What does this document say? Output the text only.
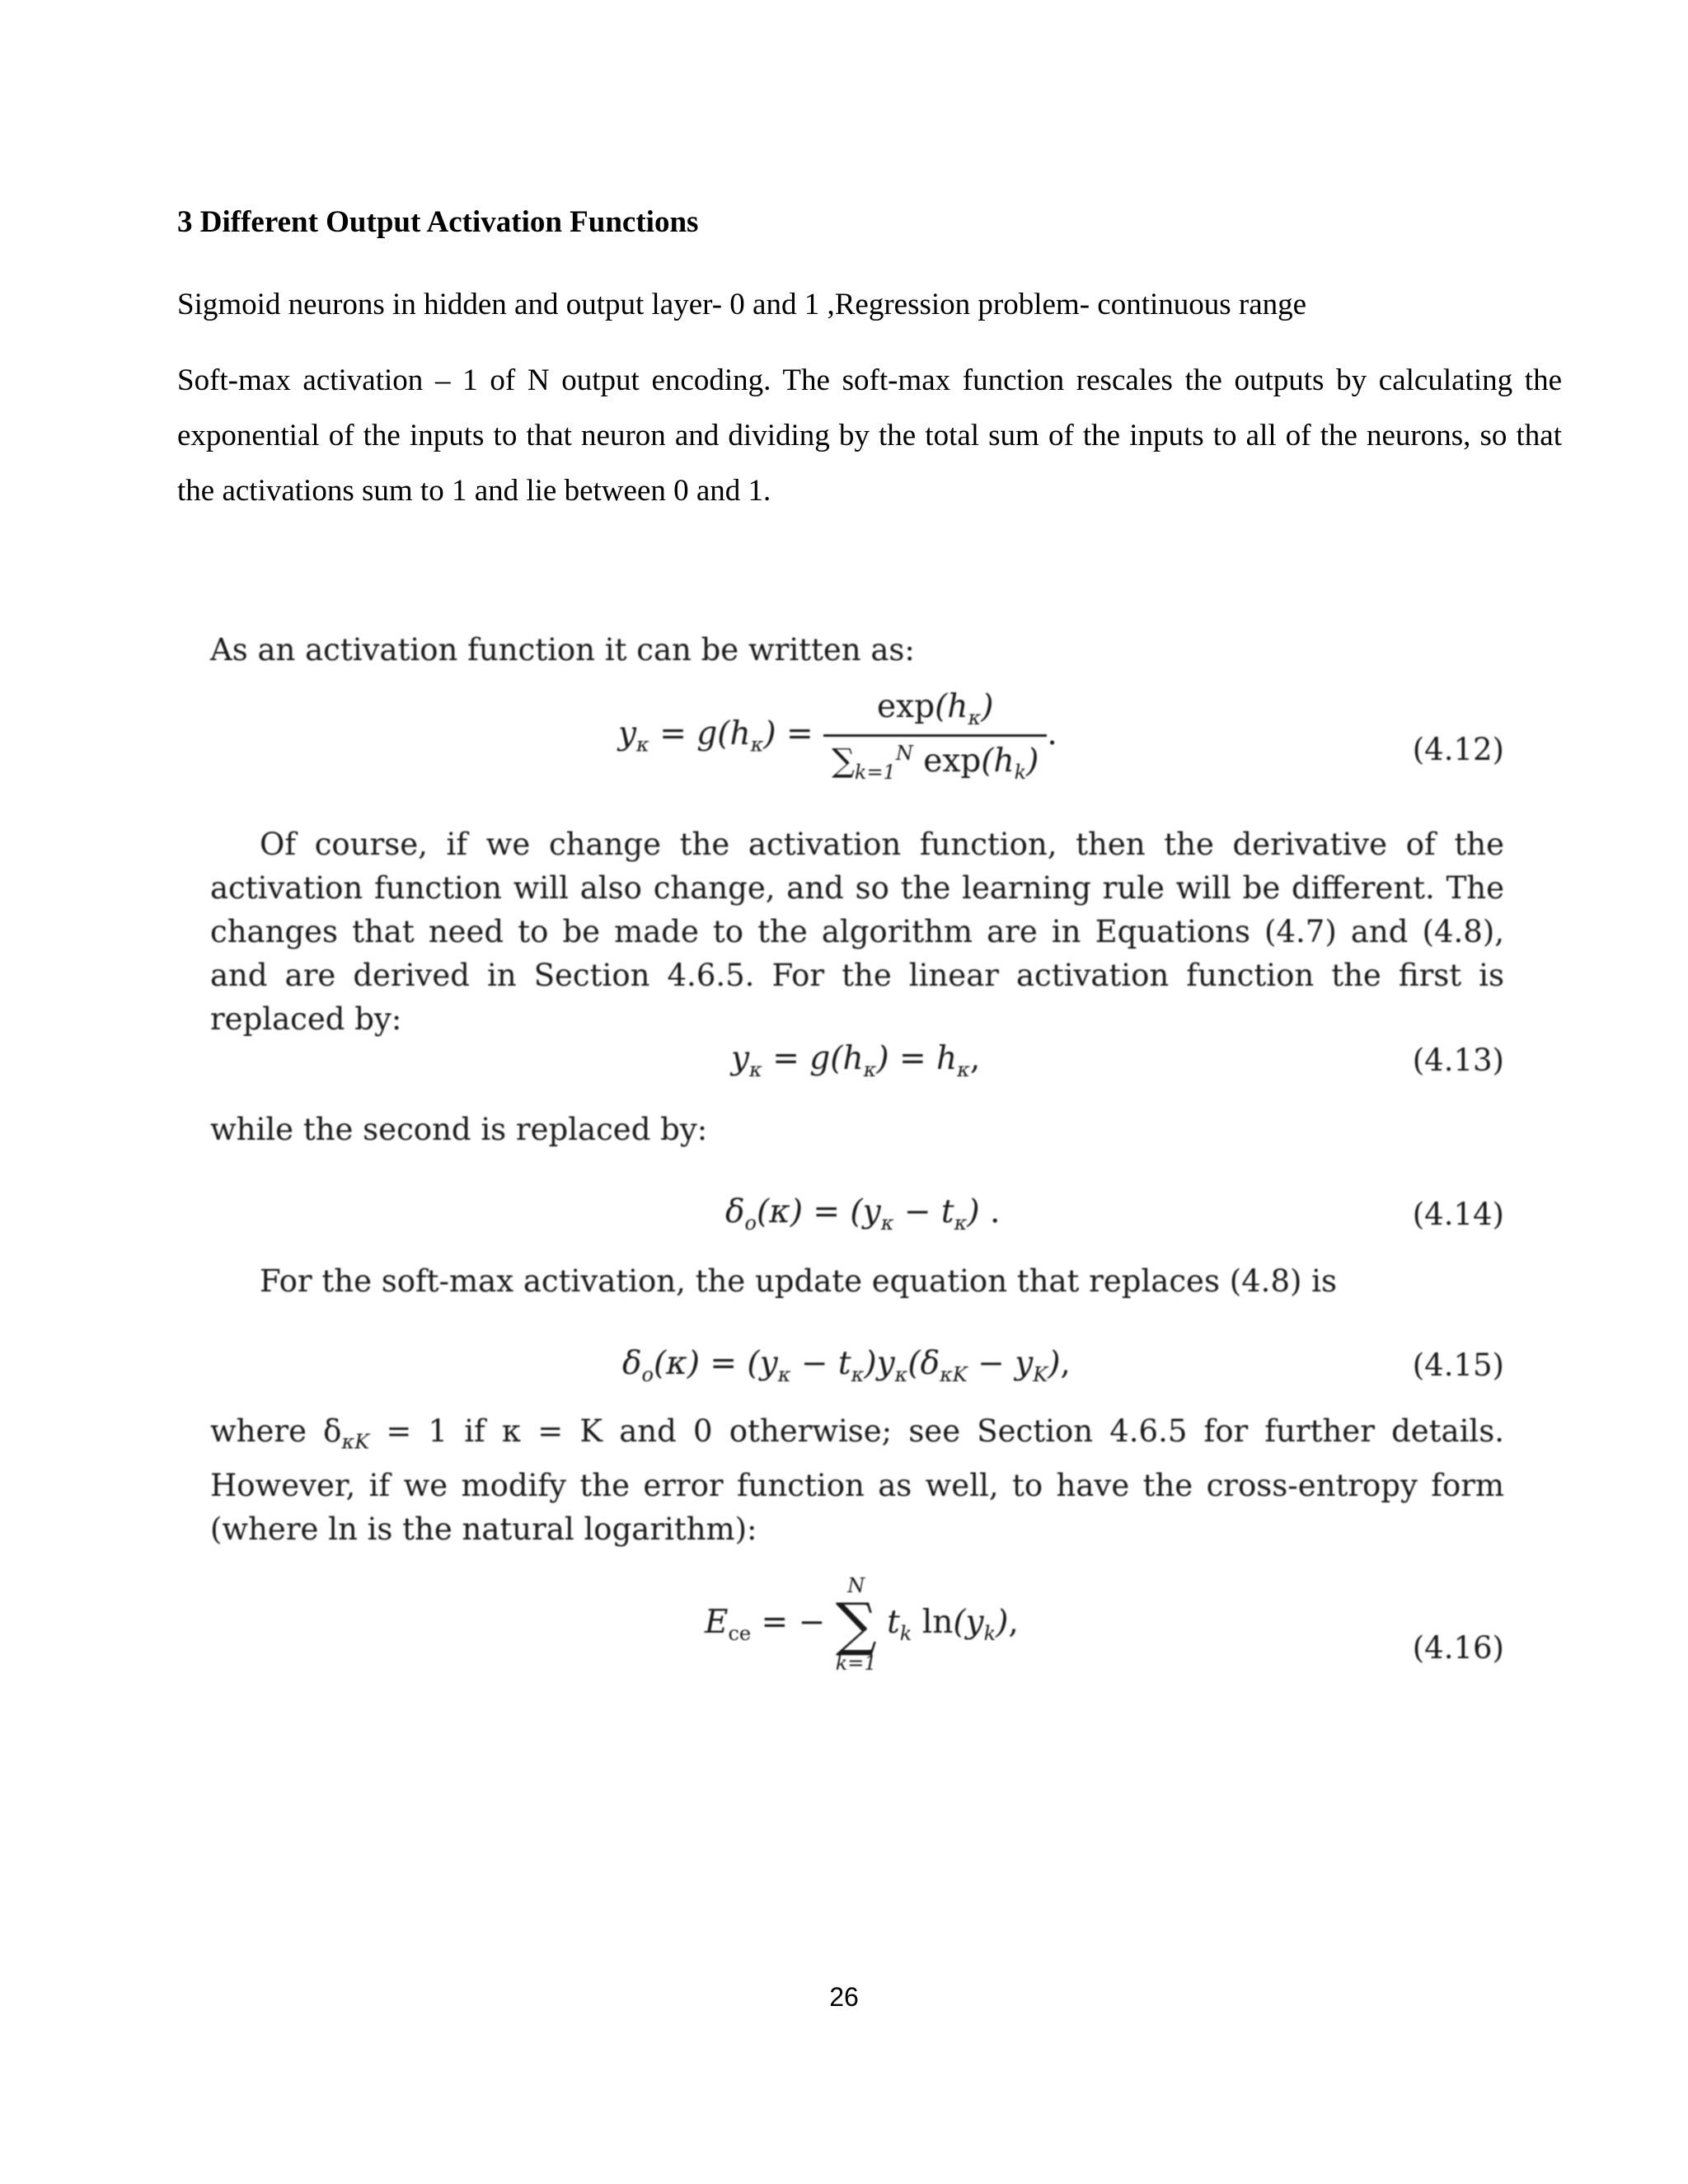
3 Different Output Activation Functions
Sigmoid neurons in hidden and output layer- 0 and 1 ,Regression problem- continuous range
Soft-max activation – 1 of N output encoding. The soft-max function rescales the outputs by calculating the exponential of the inputs to that neuron and dividing by the total sum of the inputs to all of the neurons, so that the activations sum to 1 and lie between 0 and 1.
As an activation function it can be written as:
$y_\kappa = g(h_\kappa) = \frac{\exp(h_\kappa)}{\sum_{k=1}^N \exp(h_k)}$ .	(4.12)
Of course, if we change the activation function, then the derivative of the activation function will also change, and so the learning rule will be different. The changes that need to be made to the algorithm are in Equations (4.7) and (4.8), and are derived in Section 4.6.5. For the linear activation function the first is replaced by:
$y_\kappa = g(h_\kappa) = h_\kappa$,	(4.13)
while the second is replaced by:
$\delta_o(\kappa) = (y_\kappa - t_\kappa)$ .	(4.14)
For the soft-max activation, the update equation that replaces (4.8) is
$\delta_o(\kappa) = (y_\kappa - t_\kappa)y_\kappa(\delta_{\kappa K} - y_K)$,	(4.15)
where $\delta_{\kappa K} = 1$ if κ = K and 0 otherwise; see Section 4.6.5 for further details. However, if we modify the error function as well, to have the cross-entropy form (where ln is the natural logarithm):
$E_{ce}$ = −
N
∑
k=1
$t_k$ $\ln(y_k)$,
(4.16)
26
